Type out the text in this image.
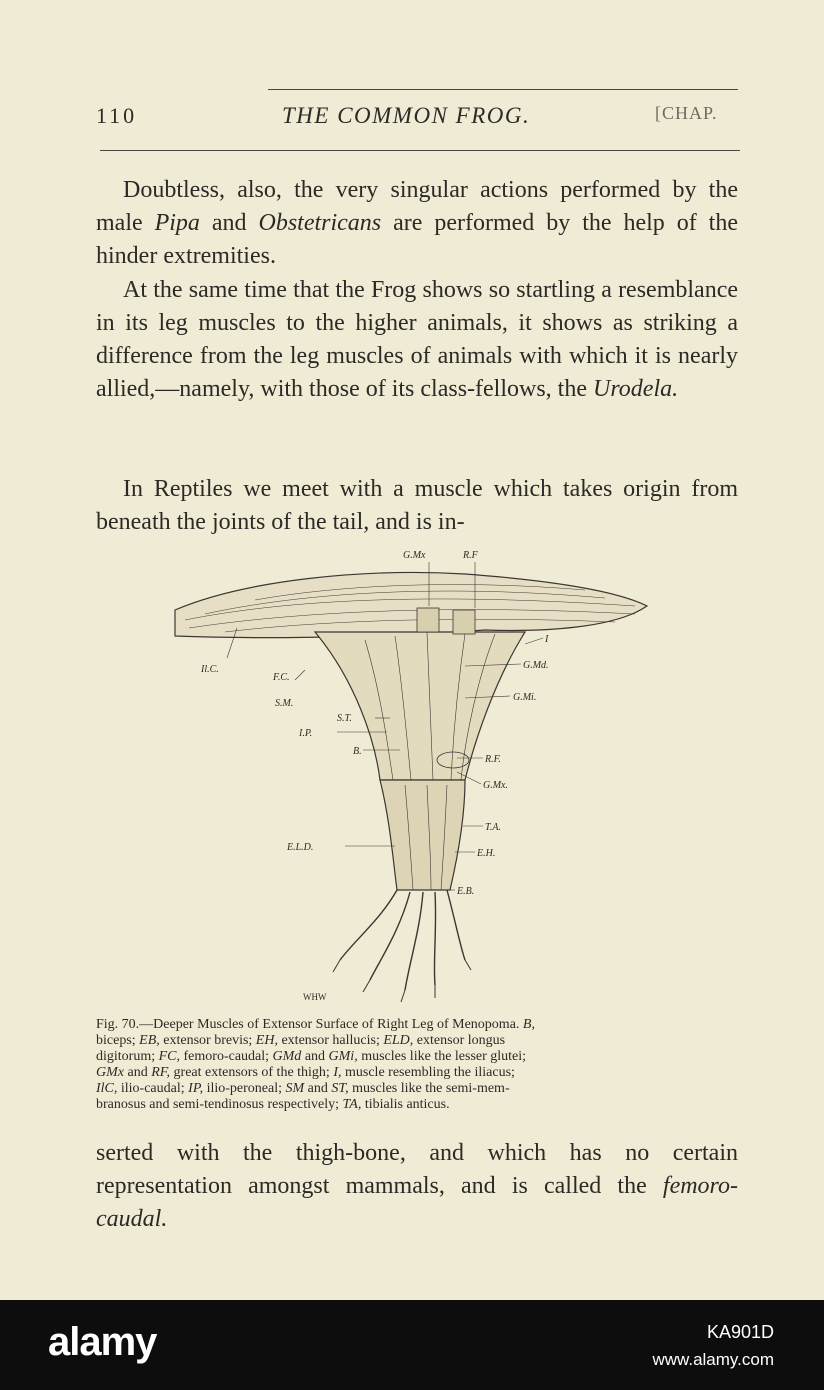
110	THE COMMON FROG.	[CHAP.

Doubtless, also, the very singular actions performed by the male Pipa and Obstetricans are performed by the help of the hinder extremities.

At the same time that the Frog shows so startling a resemblance in its leg muscles to the higher animals, it shows as striking a difference from the leg muscles of animals with which it is nearly allied,—namely, with those of its class-fellows, the Urodela.

In Reptiles we meet with a muscle which takes origin from beneath the joints of the tail, and is in-

G.Mx	R.F
I
G.Md.
G.Mi.
Il.C.
F.C.
S.M.
S.T.
I.P.
B.
R.F.
G.Mx.
T.A.
E.L.D.
E.H.
E.B.
WHW

Fig. 70.—Deeper Muscles of Extensor Surface of Right Leg of Menopoma. B,
biceps; EB, extensor brevis; EH, extensor hallucis; ELD, extensor longus
digitorum; FC, femoro-caudal; GMd and GMi, muscles like the lesser glutei;
GMx and RF, great extensors of the thigh; I, muscle resembling the iliacus;
IlC, ilio-caudal; IP, ilio-peroneal; SM and ST, muscles like the semi-mem-
branosus and semi-tendinosus respectively; TA, tibialis anticus.

serted with the thigh-bone, and which has no certain representation amongst mammals, and is called the femoro-caudal.

alamy	KA901D
www.alamy.com
